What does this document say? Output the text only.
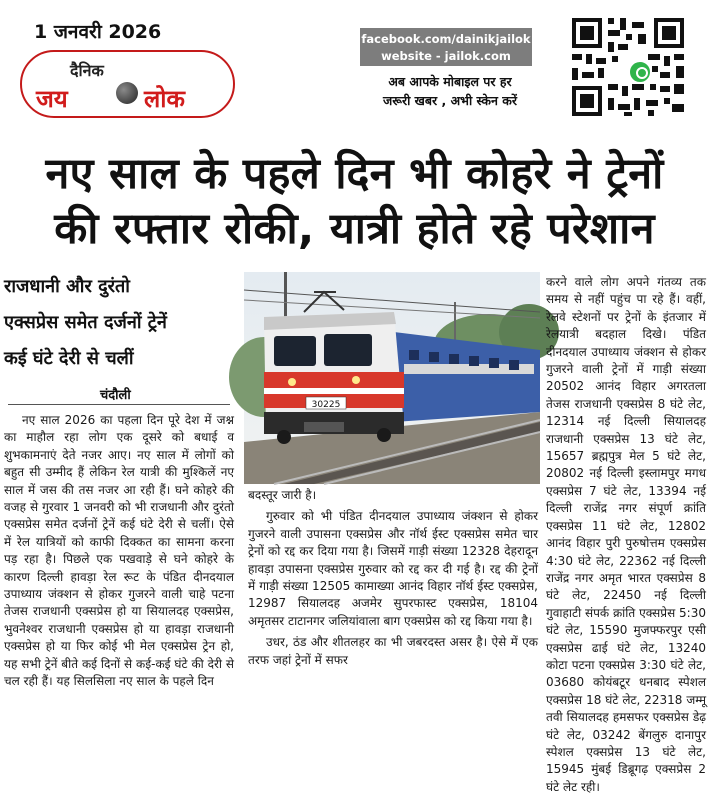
1 जनवरी 2026
दैनिक
जय	लोक
facebook.com/dainikjailok
website - jailok.com
अब आपके मोबाइल पर हर
जरूरी खबर , अभी स्केन करें
नए साल के पहले दिन भी कोहरे ने ट्रेनों
की रफ्तार रोकी, यात्री होते रहे परेशान
राजधानी और दुरंतो
एक्सप्रेस समेत दर्जनों ट्रेनें
कई घंटे देरी से चलीं
चंदौली
30225
नए साल 2026 का पहला दिन पूरे देश में जश्न का माहौल रहा लोग एक दूसरे को बधाई व शुभकामनाएं देते नजर आए। नए साल में लोगों को बहुत सी उम्मीद हैं लेकिन रेल यात्री की मुश्किलें नए साल में जस की तस नजर आ रही हैं। घने कोहरे की वजह से गुरवार 1 जनवरी को भी राजधानी और दुरंतो एक्सप्रेस समेत दर्जनों ट्रेनें कई घंटे देरी से चलीं। ऐसे में रेल यात्रियों को काफी दिक्कत का सामना करना पड़ रहा है। पिछले एक पखवाड़े से घने कोहरे के कारण दिल्ली हावड़ा रेल रूट के पंडित दीनदयाल उपाध्याय जंक्शन से होकर गुजरने वाली चाहे पटना तेजस राजधानी एक्सप्रेस हो या सियालदह एक्सप्रेस, भुवनेश्वर राजधानी एक्सप्रेस हो या हावड़ा राजधानी एक्सप्रेस हो या फिर कोई भी मेल एक्सप्रेस ट्रेन हो, यह सभी ट्रेनें बीते कई दिनों से कई-कई घंटे की देरी से चल रही हैं। यह सिलसिला नए साल के पहले दिन

बदस्तूर जारी है।

गुरुवार को भी पंडित दीनदयाल उपाध्याय जंक्शन से होकर गुजरने वाली उपासना एक्सप्रेस और नॉर्थ ईस्ट एक्सप्रेस समेत चार ट्रेनों को रद्द कर दिया गया है। जिसमें गाड़ी संख्या 12328 देहरादून हावड़ा उपासना एक्सप्रेस गुरुवार को रद्द कर दी गई है। रद्द की ट्रेनों में गाड़ी संख्या 12505 कामाख्या आनंद विहार नॉर्थ ईस्ट एक्सप्रेस, 12987 सियालदह अजमेर सुपरफास्ट एक्सप्रेस, 18104 अमृतसर टाटानगर जलियांवाला बाग एक्सप्रेस को रद्द किया गया है।

उधर, ठंड और शीतलहर का भी जबरदस्त असर है। ऐसे में एक तरफ जहां ट्रेनों में सफर

करने वाले लोग अपने गंतव्य तक समय से नहीं पहुंच पा रहे हैं। वहीं, रेलवे स्टेशनों पर ट्रेनों के इंतजार में रेलयात्री बदहाल दिखे। पंडित दीनदयाल उपाध्याय जंक्शन से होकर गुजरने वाली ट्रेनों में गाड़ी संख्या 20502 आनंद विहार अगरतला तेजस राजधानी एक्सप्रेस 8 घंटे लेट, 12314 नई दिल्ली सियालदह राजधानी एक्सप्रेस 13 घंटे लेट, 15657 ब्रह्मपुत्र मेल 5 घंटे लेट, 20802 नई दिल्ली इस्लामपुर मगध एक्सप्रेस 7 घंटे लेट, 13394 नई दिल्ली राजेंद्र नगर संपूर्ण क्रांति एक्सप्रेस 11 घंटे लेट, 12802 आनंद विहार पुरी पुरुषोत्तम एक्सप्रेस 4:30 घंटे लेट, 22362 नई दिल्ली राजेंद्र नगर अमृत भारत एक्सप्रेस 8 घंटे लेट, 22450 नई दिल्ली गुवाहाटी संपर्क क्रांति एक्सप्रेस 5:30 घंटे लेट, 15590 मुजफ्फरपुर एसी एक्सप्रेस ढाई घंटे लेट, 13240 कोटा पटना एक्सप्रेस 3:30 घंटे लेट, 03680 कोयंबटूर धनबाद स्पेशल एक्सप्रेस 18 घंटे लेट, 22318 जम्मू तवी सियालदह हमसफर एक्सप्रेस डेढ़ घंटे लेट, 03242 बेंगलुरु दानापुर स्पेशल एक्सप्रेस 13 घंटे लेट, 15945 मुंबई डिब्रूगढ़ एक्सप्रेस 2 घंटे लेट रही।
